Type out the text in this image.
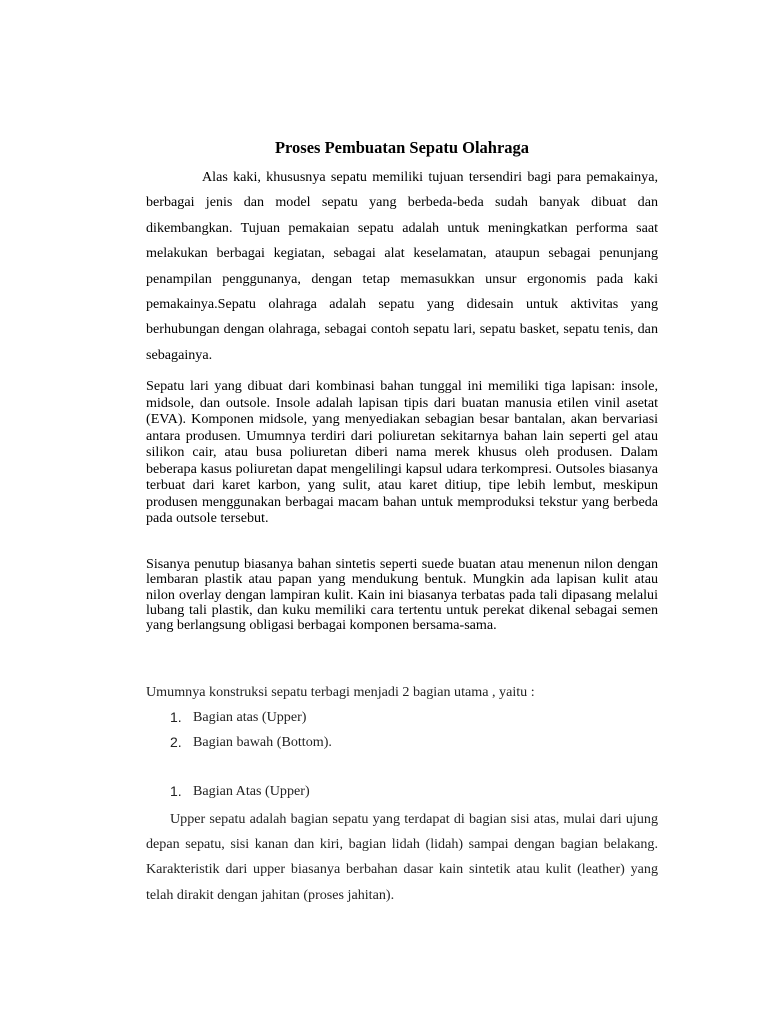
Proses Pembuatan Sepatu Olahraga

Alas kaki, khususnya sepatu memiliki tujuan tersendiri bagi para pemakainya, berbagai jenis dan model sepatu yang berbeda-beda sudah banyak dibuat dan dikembangkan. Tujuan pemakaian sepatu adalah untuk meningkatkan performa saat melakukan berbagai kegiatan, sebagai alat keselamatan, ataupun sebagai penunjang penampilan penggunanya, dengan tetap memasukkan unsur ergonomis pada kaki pemakainya.Sepatu olahraga adalah sepatu yang didesain untuk aktivitas yang berhubungan dengan olahraga, sebagai contoh sepatu lari, sepatu basket, sepatu tenis, dan sebagainya.

Sepatu lari yang dibuat dari kombinasi bahan tunggal ini memiliki tiga lapisan: insole, midsole, dan outsole. Insole adalah lapisan tipis dari buatan manusia etilen vinil asetat (EVA). Komponen midsole, yang menyediakan sebagian besar bantalan, akan bervariasi antara produsen. Umumnya terdiri dari poliuretan sekitarnya bahan lain seperti gel atau silikon cair, atau busa poliuretan diberi nama merek khusus oleh produsen. Dalam beberapa kasus poliuretan dapat mengelilingi kapsul udara terkompresi. Outsoles biasanya terbuat dari karet karbon, yang sulit, atau karet ditiup, tipe lebih lembut, meskipun produsen menggunakan berbagai macam bahan untuk memproduksi tekstur yang berbeda pada outsole tersebut.

Sisanya penutup biasanya bahan sintetis seperti suede buatan atau menenun nilon dengan lembaran plastik atau papan yang mendukung bentuk. Mungkin ada lapisan kulit atau nilon overlay dengan lampiran kulit. Kain ini biasanya terbatas pada tali dipasang melalui lubang tali plastik, dan kuku memiliki cara tertentu untuk perekat dikenal sebagai semen yang berlangsung obligasi berbagai komponen bersama-sama.

Umumnya konstruksi sepatu terbagi menjadi 2 bagian utama , yaitu :

1. Bagian atas (Upper)
2. Bagian bawah (Bottom).
1. Bagian Atas (Upper)

Upper sepatu adalah bagian sepatu yang terdapat di bagian sisi atas, mulai dari ujung depan sepatu, sisi kanan dan kiri, bagian lidah (lidah) sampai dengan bagian belakang. Karakteristik dari upper biasanya berbahan dasar kain sintetik atau kulit (leather) yang telah dirakit dengan jahitan (proses jahitan).
